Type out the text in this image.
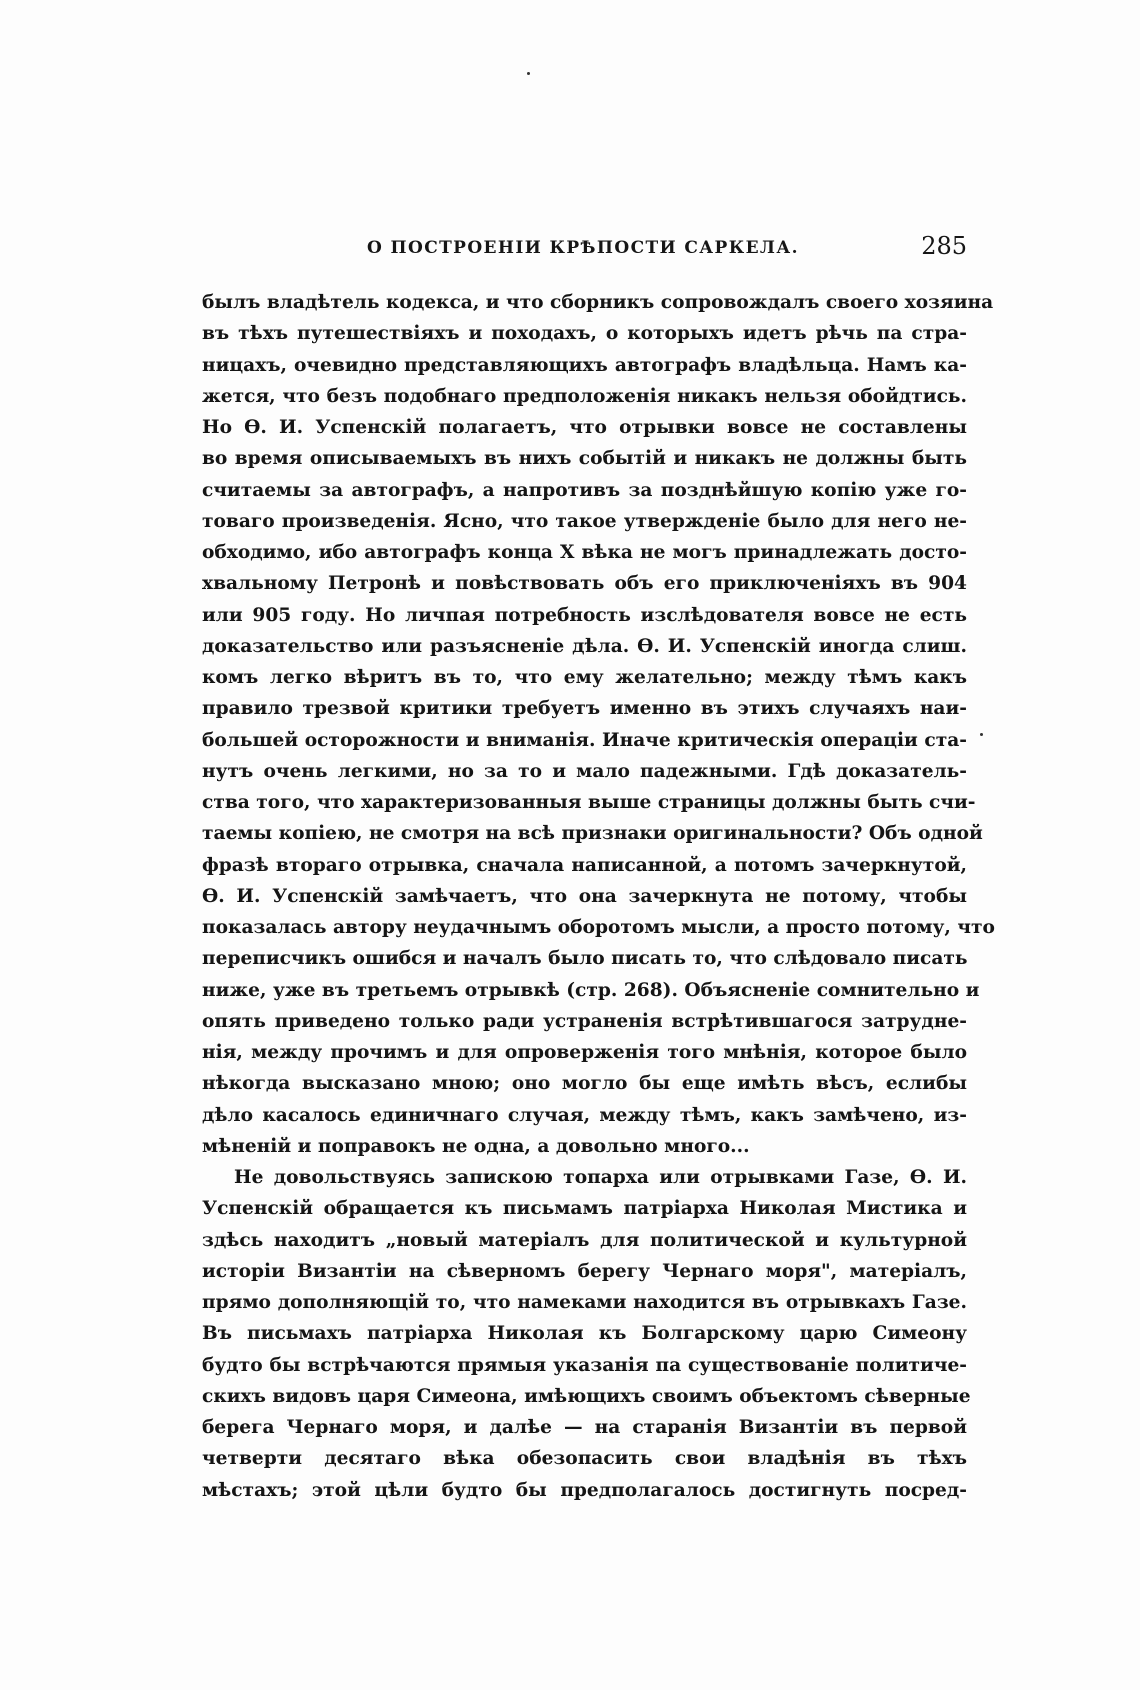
О ПОСТРОЕНІИ КРѢПОСТИ САРКЕЛА.	285
былъ владѣтель кодекса, и что сборникъ сопровождалъ своего хозяина
въ тѣхъ путешествіяхъ и походахъ, о которыхъ идетъ рѣчь па стра-
ницахъ, очевидно представляющихъ автографъ владѣльца. Намъ ка-
жется, что безъ подобнаго предположенія никакъ нельзя обойдтись.
Но Ѳ. И. Успенскій полагаетъ, что отрывки вовсе не составлены
во время описываемыхъ въ нихъ событій и никакъ не должны быть
считаемы за автографъ, а напротивъ за позднѣйшую копію уже го-
товаго произведенія. Ясно, что такое утвержденіе было для него не-
обходимо, ибо автографъ конца X вѣка не могъ принадлежать досто-
хвальному Петронѣ и повѣствовать объ его приключеніяхъ въ 904
или 905 году. Но личпая потребность изслѣдователя вовсе не есть
доказательство или разъясненіе дѣла. Ѳ. И. Успенскій иногда слиш.
комъ легко вѣритъ въ то, что ему желательно; между тѣмъ какъ
правило трезвой критики требуетъ именно въ этихъ случаяхъ наи-
большей осторожности и вниманія. Иначе критическія операціи ста-
нутъ очень легкими, но за то и мало падежными. Гдѣ доказатель-
ства того, что характеризованныя выше страницы должны быть счи-
таемы копіею, не смотря на всѣ признаки оригинальности? Объ одной
фразѣ втораго отрывка, сначала написанной, а потомъ зачеркнутой,
Ѳ. И. Успенскій замѣчаетъ, что она зачеркнута не потому, чтобы
показалась автору неудачнымъ оборотомъ мысли, а просто потому, что
переписчикъ ошибся и началъ было писать то, что слѣдовало писать
ниже, уже въ третьемъ отрывкѣ (стр. 268). Объясненіе сомнительно и
опять приведено только ради устраненія встрѣтившагося затрудне-
нія, между прочимъ и для опроверженія того мнѣнія, которое было
нѣкогда высказано мною; оно могло бы еще имѣть вѣсъ, еслибы
дѣло касалось единичнаго случая, между тѣмъ, какъ замѣчено, из-
мѣненій и поправокъ не одна, а довольно много...
Не довольствуясь запискою топарха или отрывками Газе, Ѳ. И.
Успенскій обращается къ письмамъ патріарха Николая Мистика и
здѣсь находитъ „новый матеріалъ для политической и культурной
исторіи Византіи на сѣверномъ берегу Чернаго моря", матеріалъ,
прямо дополняющій то, что намеками находится въ отрывкахъ Газе.
Въ письмахъ патріарха Николая къ Болгарскому царю Симеону
будто бы встрѣчаются прямыя указанія па существованіе политиче-
скихъ видовъ царя Симеона, имѣющихъ своимъ объектомъ сѣверные
берега Чернаго моря, и далѣе — на старанія Византіи въ первой
четверти десятаго вѣка обезопасить свои владѣнія въ тѣхъ
мѣстахъ; этой цѣли будто бы предполагалось достигнуть посред-
